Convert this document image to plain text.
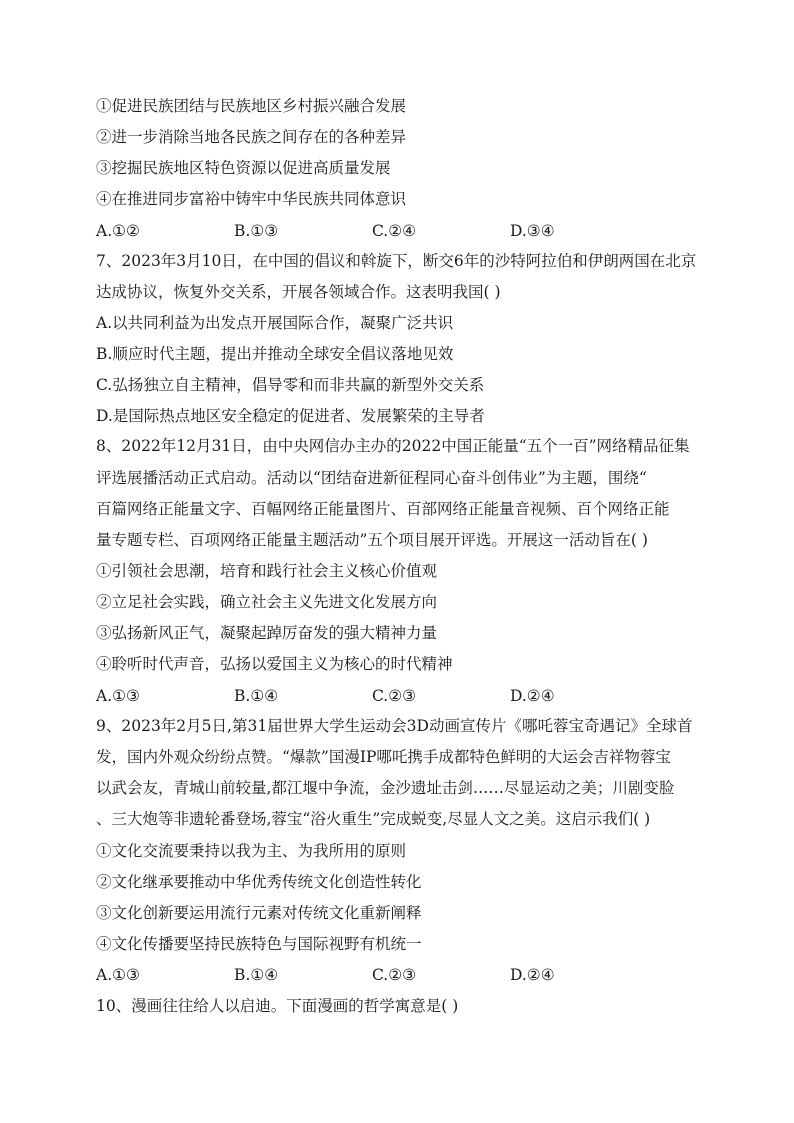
①促进民族团结与民族地区乡村振兴融合发展
②进一步消除当地各民族之间存在的各种差异
③挖掘民族地区特色资源以促进高质量发展
④在推进同步富裕中铸牢中华民族共同体意识
A.①②	B.①③	C.②④	D.③④
7、2023年3月10日，在中国的倡议和斡旋下，断交6年的沙特阿拉伯和伊朗两国在北京
达成协议，恢复外交关系，开展各领域合作。这表明我国( )
A.以共同利益为出发点开展国际合作，凝聚广泛共识
B.顺应时代主题，提出并推动全球安全倡议落地见效
C.弘扬独立自主精神，倡导零和而非共赢的新型外交关系
D.是国际热点地区安全稳定的促进者、发展繁荣的主导者
8、2022年12月31日，由中央网信办主办的2022中国正能量“五个一百”网络精品征集
评选展播活动正式启动。活动以“团结奋进新征程同心奋斗创伟业”为主题，围绕“
百篇网络正能量文字、百幅网络正能量图片、百部网络正能量音视频、百个网络正能
量专题专栏、百项网络正能量主题活动”五个项目展开评选。开展这一活动旨在( )
①引领社会思潮，培育和践行社会主义核心价值观
②立足社会实践，确立社会主义先进文化发展方向
③弘扬新风正气，凝聚起踔厉奋发的强大精神力量
④聆听时代声音，弘扬以爱国主义为核心的时代精神
A.①③	B.①④	C.②③	D.②④
9、2023年2月5日,第31届世界大学生运动会3D动画宣传片《哪吒蓉宝奇遇记》全球首
发，国内外观众纷纷点赞。“爆款”国漫IP哪吒携手成都特色鲜明的大运会吉祥物蓉宝
以武会友，青城山前较量,都江堰中争流，金沙遗址击剑……尽显运动之美；川剧变脸
、三大炮等非遗轮番登场,蓉宝“浴火重生”完成蜕变,尽显人文之美。这启示我们( )
①文化交流要秉持以我为主、为我所用的原则
②文化继承要推动中华优秀传统文化创造性转化
③文化创新要运用流行元素对传统文化重新阐释
④文化传播要坚持民族特色与国际视野有机统一
A.①③	B.①④	C.②③	D.②④
10、漫画往往给人以启迪。下面漫画的哲学寓意是( )
